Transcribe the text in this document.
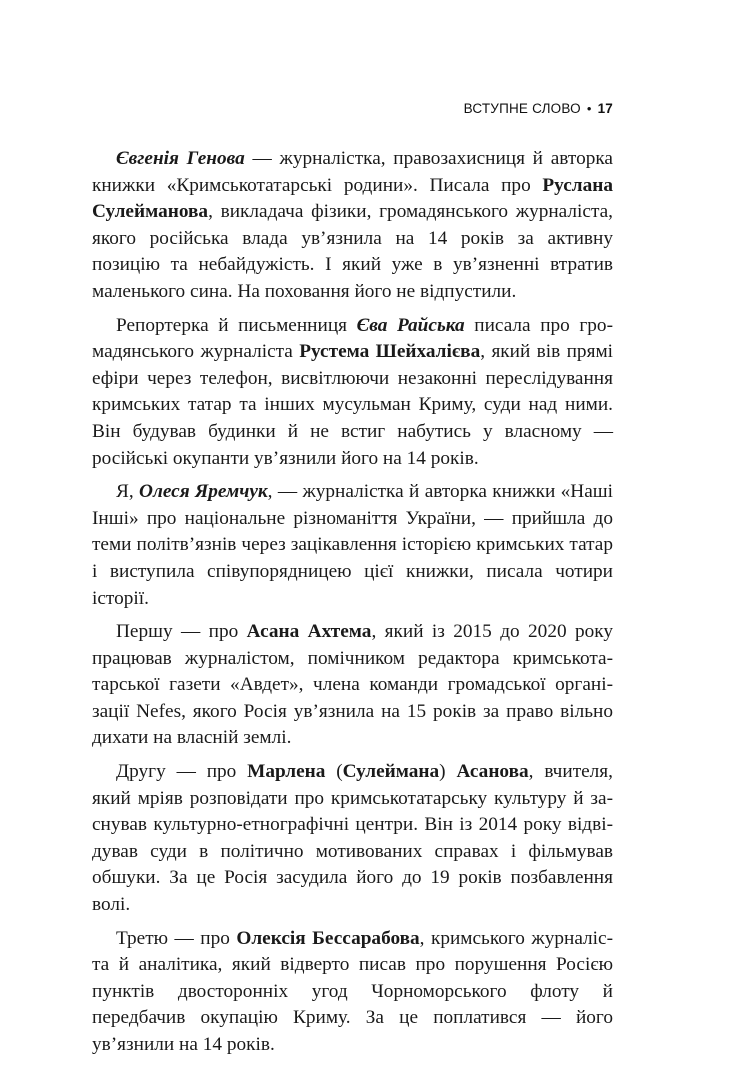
ВСТУПНЕ СЛОВО • 17

Євгенія Генова — журналістка, правозахисниця й авторка книжки «Кримськотатарські родини». Писала про Руслана Сулейманова, викладача фізики, громадянського журналіста, якого російська влада ув’язнила на 14 років за активну позицію та небайдужість. І який уже в ув’язненні втратив маленького сина. На поховання його не відпустили.

Репортерка й письменниця Єва Райська писала про громадянського журналіста Рустема Шейхалієва, який вів прямі ефіри через телефон, висвітлюючи незаконні переслідування кримських татар та інших мусульман Криму, суди над ними. Він будував будинки й не встиг набутись у власному — російські окупанти ув’язнили його на 14 років.

Я, Олеся Яремчук, — журналістка й авторка книжки «Наші Інші» про національне різноманіття України, — прийшла до теми політв’язнів через зацікавлення історією кримських татар і виступила співупорядницею цієї книжки, писала чотири історії.

Першу — про Асана Ахтема, який із 2015 до 2020 року працював журналістом, помічником редактора кримськотатарської газети «Авдет», члена команди громадської організації Nefes, якого Росія ув’язнила на 15 років за право вільно дихати на власній землі.

Другу — про Марлена (Сулеймана) Асанова, вчителя, який мріяв розповідати про кримськотатарську культуру й заснував культурно-етнографічні центри. Він із 2014 року відвідував суди в політично мотивованих справах і фільмував обшуки. За це Росія засудила його до 19 років позбавлення волі.

Третю — про Олексія Бессарабова, кримського журналіста й аналітика, який відверто писав про порушення Росією пунктів двосторонніх угод Чорноморського флоту й передбачив окупацію Криму. За це поплатився — його ув’язнили на 14 років.
